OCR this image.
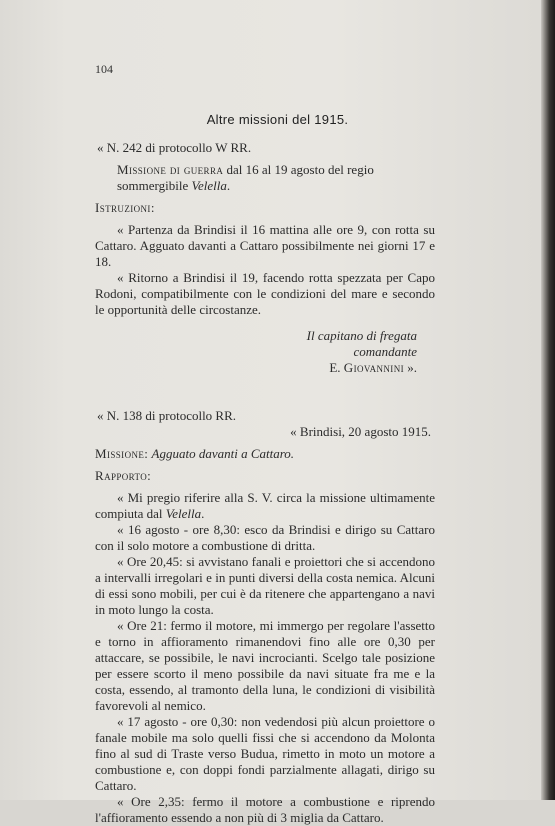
104
Altre missioni del 1915.

« N. 242 di protocollo W RR.

Missione di guerra dal 16 al 19 agosto del regio sommergibile Velella.

Istruzioni:

« Partenza da Brindisi il 16 mattina alle ore 9, con rotta su Cattaro. Agguato davanti a Cattaro possibilmente nei giorni 17 e 18.

« Ritorno a Brindisi il 19, facendo rotta spezzata per Capo Rodoni, compatibilmente con le condizioni del mare e secondo le opportunità delle circostanze.

Il capitano di fregata

comandante

E. Giovannini ».

« N. 138 di protocollo RR.

« Brindisi, 20 agosto 1915.

Missione: Agguato davanti a Cattaro.

Rapporto:

« Mi pregio riferire alla S. V. circa la missione ultimamente compiuta dal Velella.

« 16 agosto - ore 8,30: esco da Brindisi e dirigo su Cattaro con il solo motore a combustione di dritta.

« Ore 20,45: si avvistano fanali e proiettori che si accendono a intervalli irregolari e in punti diversi della costa nemica. Alcuni di essi sono mobili, per cui è da ritenere che appartengano a navi in moto lungo la costa.

« Ore 21: fermo il motore, mi immergo per regolare l'assetto e torno in affioramento rimanendovi fino alle ore 0,30 per attaccare, se possibile, le navi incrocianti. Scelgo tale posizione per essere scorto il meno possibile da navi situate fra me e la costa, essendo, al tramonto della luna, le condizioni di visibilità favorevoli al nemico.

« 17 agosto - ore 0,30: non vedendosi più alcun proiettore o fanale mobile ma solo quelli fissi che si accendono da Molonta fino al sud di Traste verso Budua, rimetto in moto un motore a combustione e, con doppi fondi parzialmente allagati, dirigo su Cattaro.

« Ore 2,35: fermo il motore a combustione e riprendo l'affioramento essendo a non più di 3 miglia da Cattaro.
